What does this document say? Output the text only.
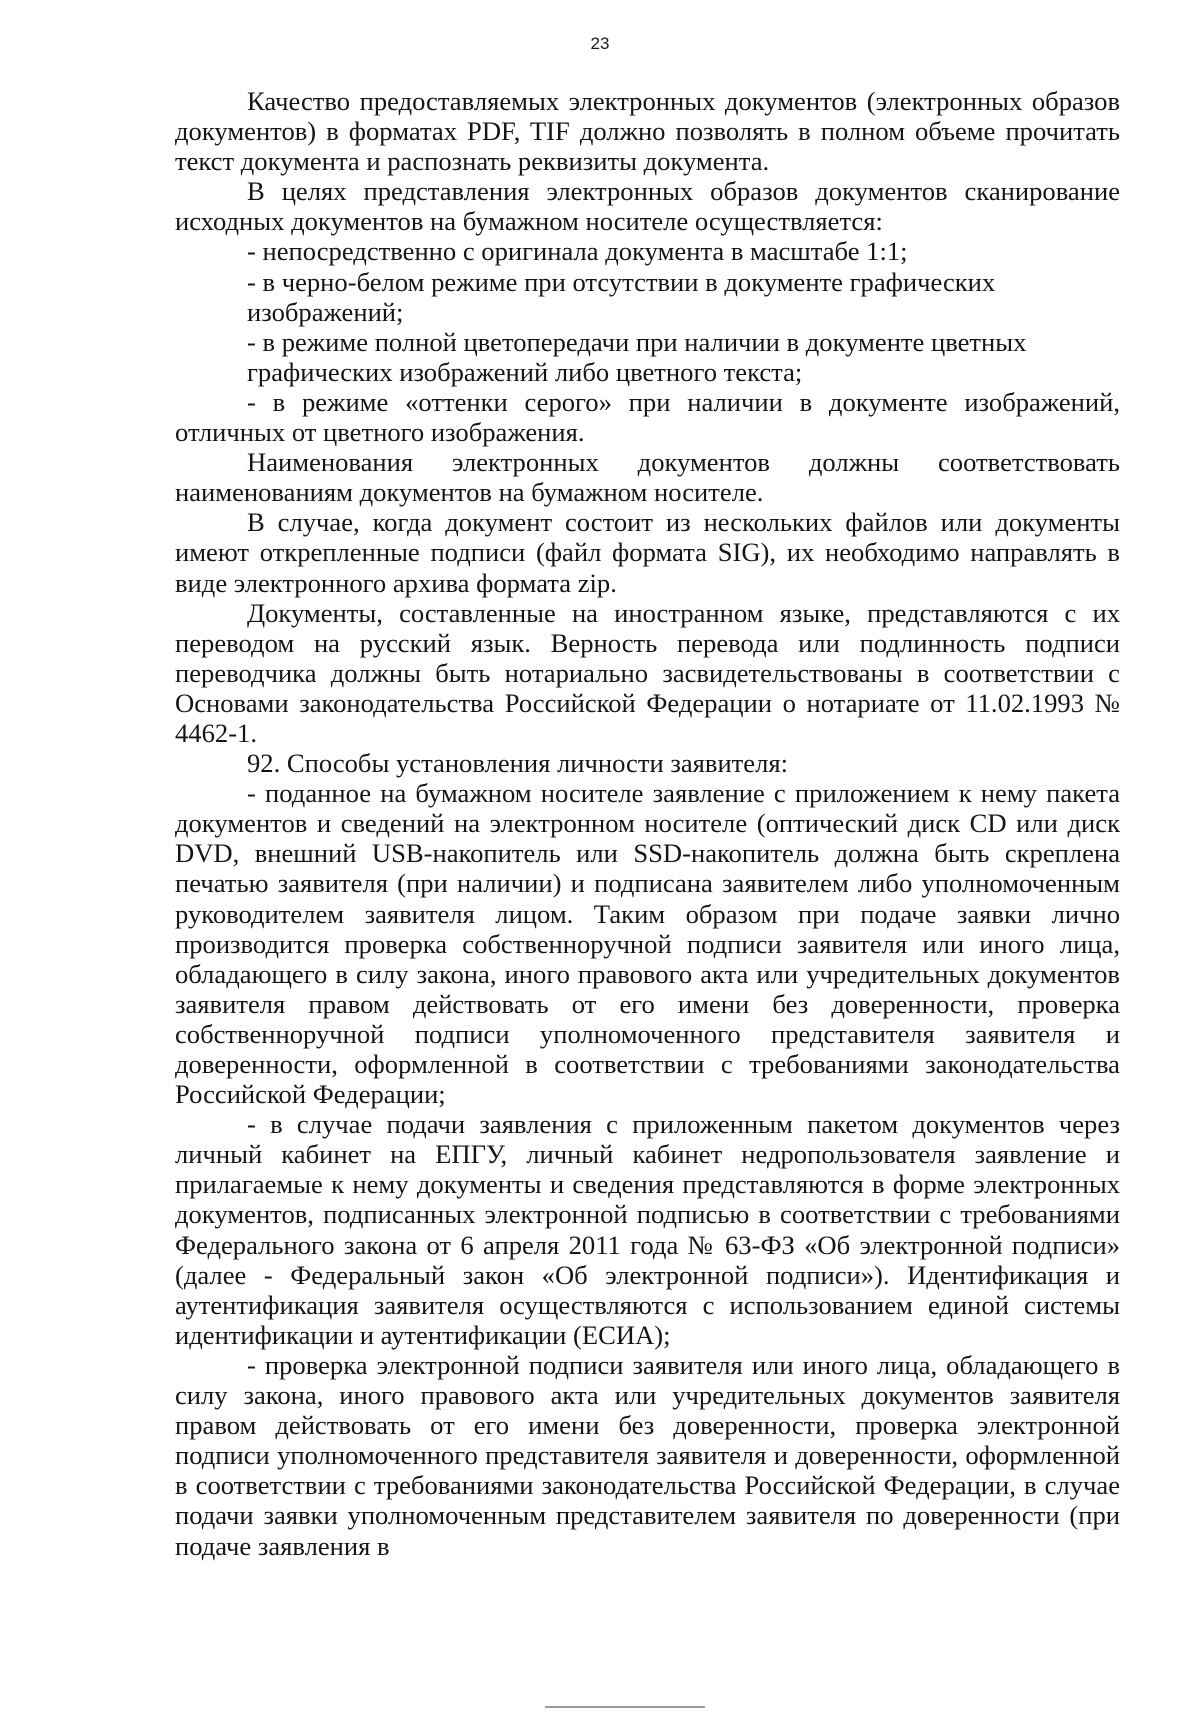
23

Качество предоставляемых электронных документов (электронных образов документов) в форматах PDF, TIF должно позволять в полном объеме прочитать текст документа и распознать реквизиты документа.

В целях представления электронных образов документов сканирование исходных документов на бумажном носителе осуществляется:

- непосредственно с оригинала документа в масштабе 1:1;

- в черно-белом режиме при отсутствии в документе графических изображений;

- в режиме полной цветопередачи при наличии в документе цветных графических изображений либо цветного текста;

- в режиме «оттенки серого» при наличии в документе изображений, отличных от цветного изображения.

Наименования электронных документов должны соответствовать наименованиям документов на бумажном носителе.

В случае, когда документ состоит из нескольких файлов или документы имеют открепленные подписи (файл формата SIG), их необходимо направлять в виде электронного архива формата zip.

Документы, составленные на иностранном языке, представляются с их переводом на русский язык. Верность перевода или подлинность подписи переводчика должны быть нотариально засвидетельствованы в соответствии с Основами законодательства Российской Федерации о нотариате от 11.02.1993 № 4462-1.

92. Способы установления личности заявителя:

- поданное на бумажном носителе заявление с приложением к нему пакета документов и сведений на электронном носителе (оптический диск CD или диск DVD, внешний USB-накопитель или SSD-накопитель должна быть скреплена печатью заявителя (при наличии) и подписана заявителем либо уполномоченным руководителем заявителя лицом. Таким образом при подаче заявки лично производится проверка собственноручной подписи заявителя или иного лица, обладающего в силу закона, иного правового акта или учредительных документов заявителя правом действовать от его имени без доверенности, проверка собственноручной подписи уполномоченного представителя заявителя и доверенности, оформленной в соответствии с требованиями законодательства Российской Федерации;

- в случае подачи заявления с приложенным пакетом документов через личный кабинет на ЕПГУ, личный кабинет недропользователя заявление и прилагаемые к нему документы и сведения представляются в форме электронных документов, подписанных электронной подписью в соответствии с требованиями Федерального закона от 6 апреля 2011 года № 63-ФЗ «Об электронной подписи» (далее - Федеральный закон «Об электронной подписи»). Идентификация и аутентификация заявителя осуществляются с использованием единой системы идентификации и аутентификации (ЕСИА);

- проверка электронной подписи заявителя или иного лица, обладающего в силу закона, иного правового акта или учредительных документов заявителя правом действовать от его имени без доверенности, проверка электронной подписи уполномоченного представителя заявителя и доверенности, оформленной в соответствии с требованиями законодательства Российской Федерации, в случае подачи заявки уполномоченным представителем заявителя по доверенности (при подаче заявления в
